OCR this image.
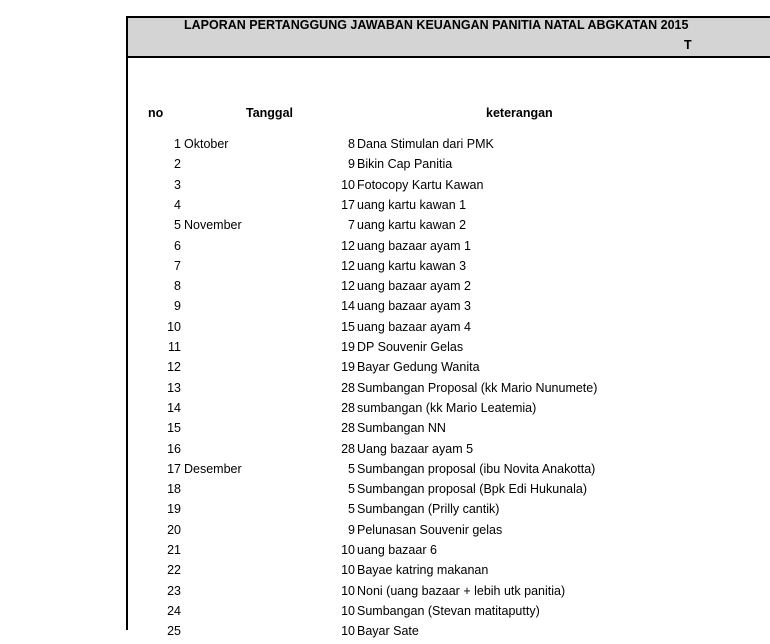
LAPORAN PERTANGGUNG JAWABAN KEUANGAN PANITIA NATAL ABGKATAN 2015
T
no	Tanggal	keterangan
1 Oktober	8 Dana Stimulan dari PMK
2	9 Bikin Cap Panitia
3	10 Fotocopy Kartu Kawan
4	17 uang kartu kawan 1
5 November	7 uang kartu kawan 2
6	12 uang bazaar ayam 1
7	12 uang kartu kawan 3
8	12 uang bazaar ayam 2
9	14 uang bazaar ayam 3
10	15 uang bazaar ayam 4
11	19 DP Souvenir Gelas
12	19 Bayar Gedung Wanita
13	28 Sumbangan Proposal (kk Mario Nunumete)
14	28 sumbangan (kk Mario Leatemia)
15	28 Sumbangan NN
16	28 Uang bazaar ayam 5
17 Desember	5 Sumbangan proposal (ibu Novita Anakotta)
18	5 Sumbangan proposal (Bpk Edi Hukunala)
19	5 Sumbangan (Prilly cantik)
20	9 Pelunasan Souvenir gelas
21	10 uang bazaar 6
22	10 Bayae katring makanan
23	10 Noni (uang bazaar + lebih utk panitia)
24	10 Sumbangan (Stevan matitaputty)
25	10 Bayar Sate
